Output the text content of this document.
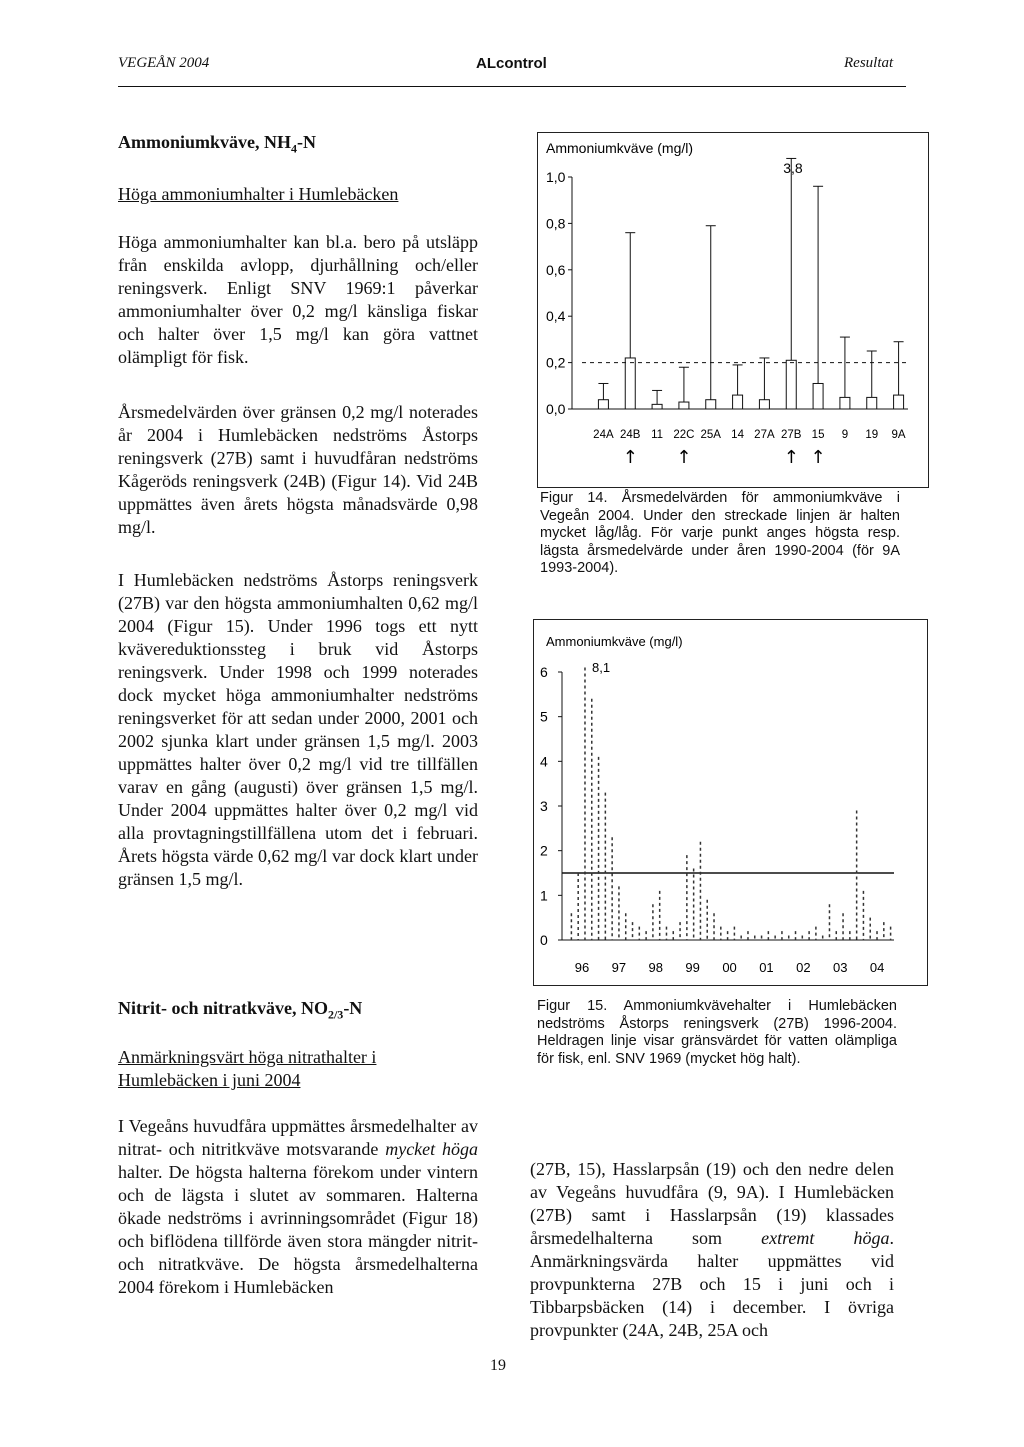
VEGEÅN 2004	ALcontrol	Resultat
Ammoniumkväve, $NH_4-N$
Höga ammoniumhalter i Humlebäcken

Höga ammoniumhalter kan bl.a. bero på utsläpp från enskilda avlopp, djurhållning och/eller reningsverk. Enligt SNV 1969:1 påverkar ammoniumhalter över 0,2 mg/l känsliga fiskar och halter över 1,5 mg/l kan göra vattnet olämpligt för fisk.

Årsmedelvärden över gränsen 0,2 mg/l noterades år 2004 i Humlebäcken nedströms Åstorps reningsverk (27B) samt i huvudfåran nedströms Kågeröds reningsverk (24B) (Figur 14). Vid 24B uppmättes även årets högsta månadsvärde 0,98 mg/l.

I Humlebäcken nedströms Åstorps reningsverk (27B) var den högsta ammoniumhalten 0,62 mg/l 2004 (Figur 15). Under 1996 togs ett nytt kvävereduktionssteg i bruk vid Åstorps reningsverk. Under 1998 och 1999 noterades dock mycket höga ammoniumhalter nedströms reningsverket för att sedan under 2000, 2001 och 2002 sjunka klart under gränsen 1,5 mg/l. 2003 uppmättes halter över 0,2 mg/l vid tre tillfällen varav en gång (augusti) över gränsen 1,5 mg/l. Under 2004 uppmättes halter över 0,2 mg/l vid alla provtagningstillfällena utom det i februari. Årets högsta värde 0,62 mg/l var dock klart under gränsen 1,5 mg/l.

Nitrit- och nitratkväve, $NO_{2/3}-N$
Anmärkningsvärt höga nitrathalter i Humlebäcken i juni 2004

I Vegeåns huvudfåra uppmättes årsmedelhalter av nitrat- och nitritkväve motsvarande mycket höga halter. De högsta halterna förekom under vintern och de lägsta i slutet av sommaren. Halterna ökade nedströms i avrinningsområdet (Figur 18) och biflödena tillförde även stora mängder nitrit- och nitratkväve. De högsta årsmedelhalterna 2004 förekom i Humlebäcken

(27B, 15), Hasslarpsån (19) och den nedre delen av Vegeåns huvudfåra (9, 9A). I Humlebäcken (27B) samt i Hasslarpsån (19) klassades årsmedelhalterna som extremt höga. Anmärkningsvärda halter uppmättes vid provpunkterna 27B och 15 i juni och i Tibbarpsbäcken (14) i december. I övriga provpunkter (24A, 24B, 25A och

Ammoniumkväve (mg/l)
1,0
0,8
0,6
0,4
0,2
0,0
24A 24B
↑
11 22C
↑
25A 14 27A 27B
↑
15
↑
9 19 9A
3,8
Figur 14. Årsmedelvärden för ammoniumkväve i Vegeån 2004. Under den streckade linjen är halten mycket låg/låg. För varje punkt anges högsta resp. lägsta årsmedelvärde under åren 1990-2004 (för 9A 1993-2004).
Ammoniumkväve (mg/l)
6
5
4
3
2
1
0
96 97 98 99 00 01 02 03 04
8,1
Figur 15. Ammoniumkvävehalter i Humlebäcken nedströms Åstorps reningsverk (27B) 1996-2004. Heldragen linje visar gränsvärdet för vatten olämpliga för fisk, enl. SNV 1969 (mycket hög halt).
19
